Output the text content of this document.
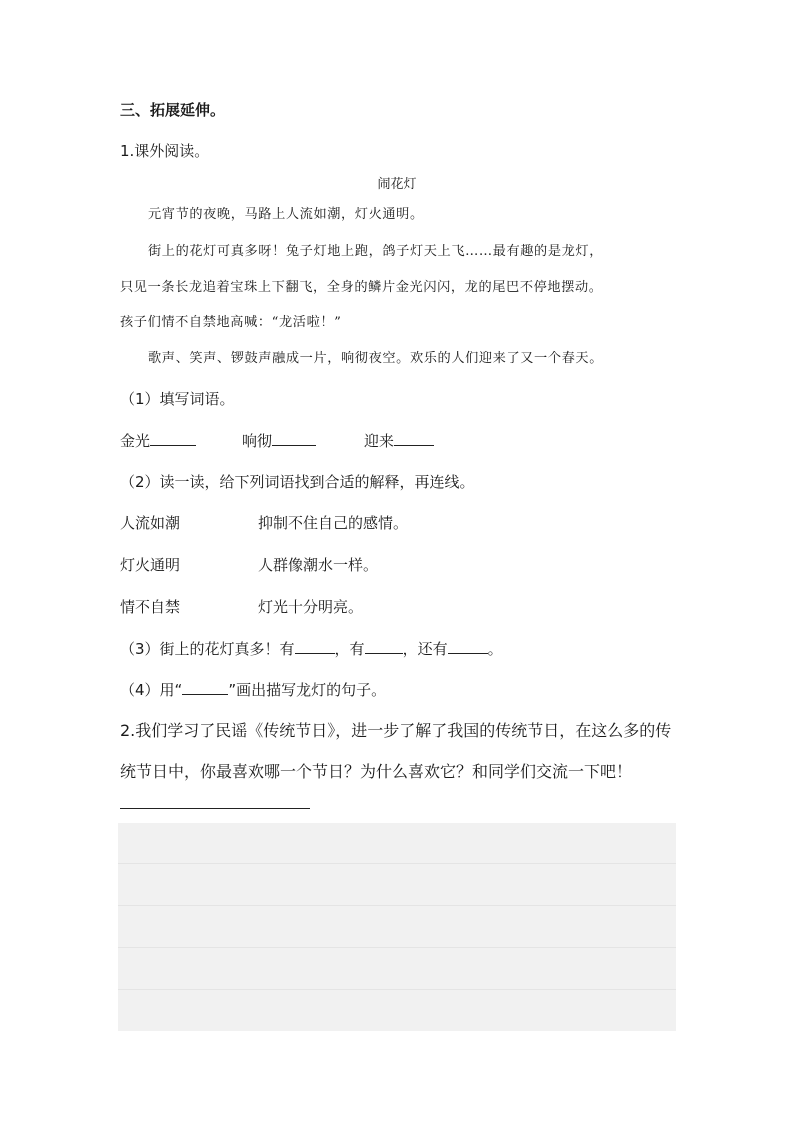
三、拓展延伸。
1.课外阅读。
闹花灯
元宵节的夜晚，马路上人流如潮，灯火通明。
街上的花灯可真多呀！兔子灯地上跑，鸽子灯天上飞……最有趣的是龙灯，
只见一条长龙追着宝珠上下翻飞，全身的鳞片金光闪闪，龙的尾巴不停地摆动。
孩子们情不自禁地高喊：“龙活啦！”
歌声、笑声、锣鼓声融成一片，响彻夜空。欢乐的人们迎来了又一个春天。
（1）填写词语。
金光	响彻	迎来
（2）读一读，给下列词语找到合适的解释，再连线。
人流如潮	抑制不住自己的感情。
灯火通明	人群像潮水一样。
情不自禁	灯光十分明亮。
（3）街上的花灯真多！有	，有	，还有	。
（4）用“	”画出描写龙灯的句子。
2.我们学习了民谣《传统节日》，进一步了解了我国的传统节日，在这么多的传
统节日中，你最喜欢哪一个节日？为什么喜欢它？和同学们交流一下吧！
